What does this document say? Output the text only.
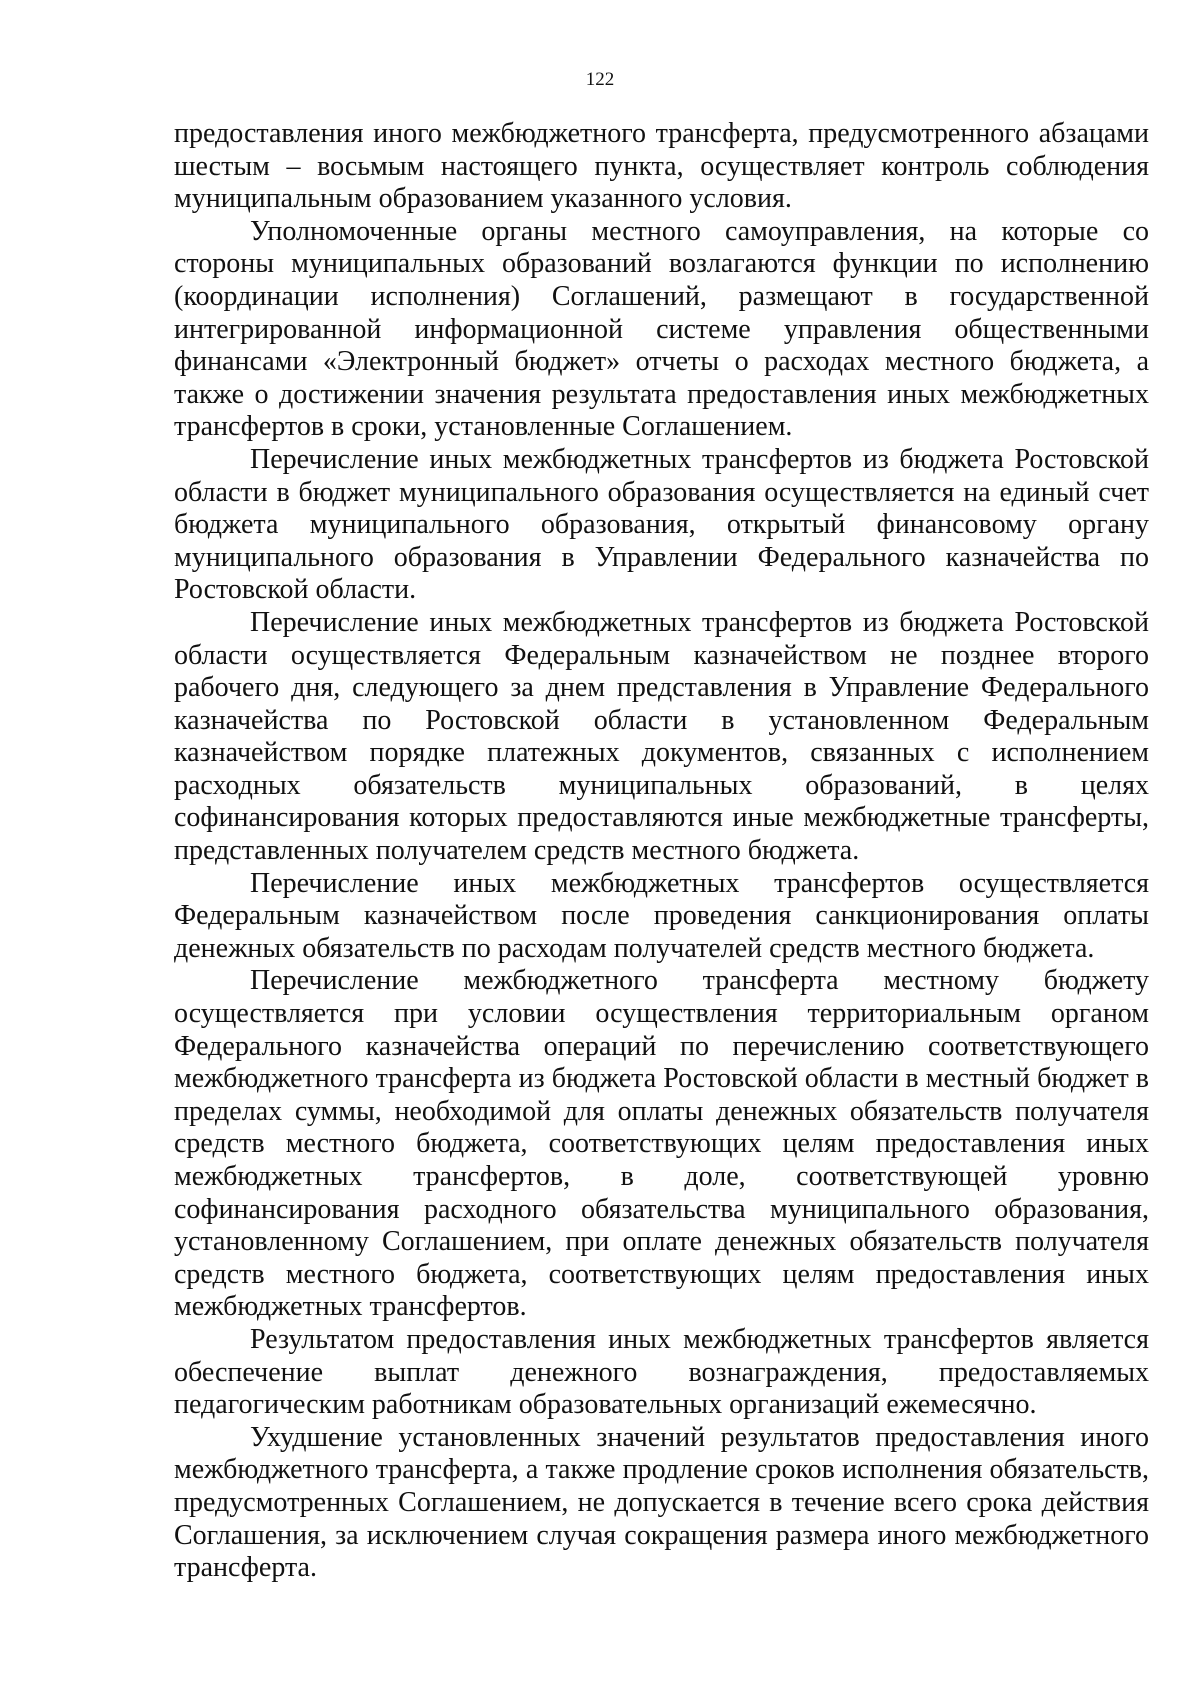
122

предоставления иного межбюджетного трансферта, предусмотренного абзацами шестым – восьмым настоящего пункта, осуществляет контроль соблюдения муниципальным образованием указанного условия.

Уполномоченные органы местного самоуправления, на которые со стороны муниципальных образований возлагаются функции по исполнению (координации исполнения) Соглашений, размещают в государственной интегрированной информационной системе управления общественными финансами «Электронный бюджет» отчеты о расходах местного бюджета, а также о достижении значения результата предоставления иных межбюджетных трансфертов в сроки, установленные Соглашением.

Перечисление иных межбюджетных трансфертов из бюджета Ростовской области в бюджет муниципального образования осуществляется на единый счет бюджета муниципального образования, открытый финансовому органу муниципального образования в Управлении Федерального казначейства по Ростовской области.

Перечисление иных межбюджетных трансфертов из бюджета Ростовской области осуществляется Федеральным казначейством не позднее второго рабочего дня, следующего за днем представления в Управление Федерального казначейства по Ростовской области в установленном Федеральным казначейством порядке платежных документов, связанных с исполнением расходных обязательств муниципальных образований, в целях софинансирования которых предоставляются иные межбюджетные трансферты, представленных получателем средств местного бюджета.

Перечисление иных межбюджетных трансфертов осуществляется Федеральным казначейством после проведения санкционирования оплаты денежных обязательств по расходам получателей средств местного бюджета.

Перечисление межбюджетного трансферта местному бюджету осуществляется при условии осуществления территориальным органом Федерального казначейства операций по перечислению соответствующего межбюджетного трансферта из бюджета Ростовской области в местный бюджет в пределах суммы, необходимой для оплаты денежных обязательств получателя средств местного бюджета, соответствующих целям предоставления иных межбюджетных трансфертов, в доле, соответствующей уровню софинансирования расходного обязательства муниципального образования, установленному Соглашением, при оплате денежных обязательств получателя средств местного бюджета, соответствующих целям предоставления иных межбюджетных трансфертов.

Результатом предоставления иных межбюджетных трансфертов является обеспечение выплат денежного вознаграждения, предоставляемых педагогическим работникам образовательных организаций ежемесячно.

Ухудшение установленных значений результатов предоставления иного межбюджетного трансферта, а также продление сроков исполнения обязательств, предусмотренных Соглашением, не допускается в течение всего срока действия Соглашения, за исключением случая сокращения размера иного межбюджетного трансферта.
